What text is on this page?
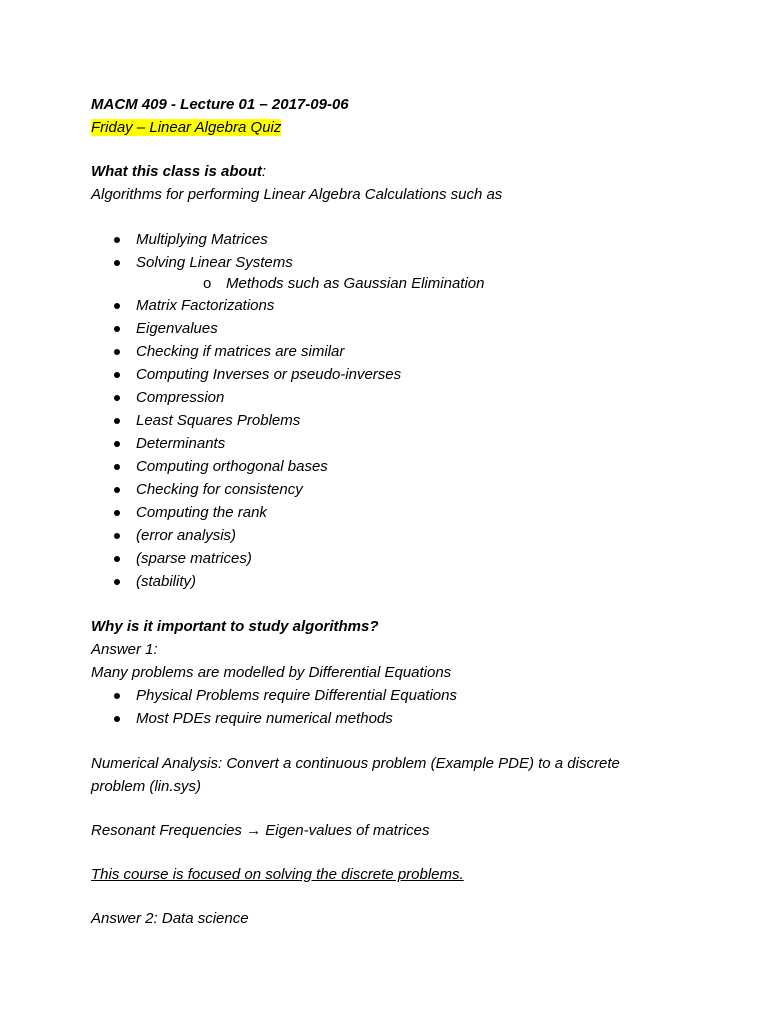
MACM 409 - Lecture 01 – 2017-09-06
Friday – Linear Algebra Quiz
What this class is about:
Algorithms for performing Linear Algebra Calculations such as
Multiplying Matrices
Solving Linear Systems
o Methods such as Gaussian Elimination
Matrix Factorizations
Eigenvalues
Checking if matrices are similar
Computing Inverses or pseudo-inverses
Compression
Least Squares Problems
Determinants
Computing orthogonal bases
Checking for consistency
Computing the rank
(error analysis)
(sparse matrices)
(stability)
Why is it important to study algorithms?
Answer 1:
Many problems are modelled by Differential Equations
Physical Problems require Differential Equations
Most PDEs require numerical methods
Numerical Analysis: Convert a continuous problem (Example PDE) to a discrete
problem (lin.sys)
Resonant Frequencies → Eigen-values of matrices
This course is focused on solving the discrete problems.
Answer 2: Data science
